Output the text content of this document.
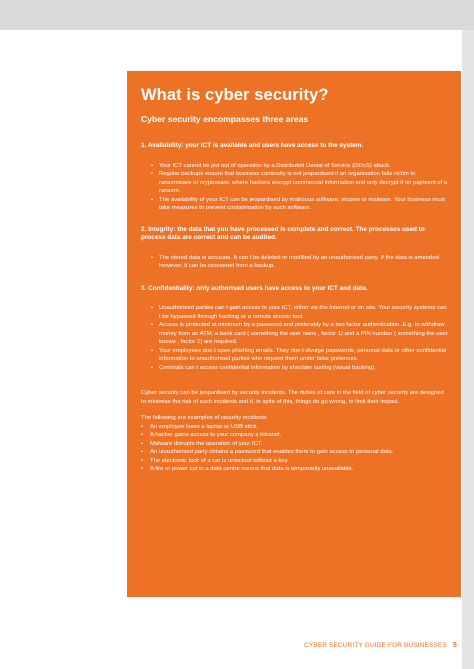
What is cyber security?
Cyber security encompasses three areas
1. Availability: your ICT is available and users have access to the system.
• Your ICT cannot be put out of operation by a Distributed Denial of Service (DDoS) attack.
• Regular backups ensure that business continuity is not jeopardised if an organisation falls victim to ransomware or cryptoware, where hackers encrypt commercial information and only decrypt it on payment of a ransom.
• The availability of your ICT can be jeopardised by malicious software, viruses or malware. Your business must take measures to prevent contamination by such software.
2. Integrity: the data that you have processed is complete and correct. The processes used to process data are correct and can be audited.
• The stored data is accurate. It can t be deleted or modified by an unauthorised party. If the data is amended however, it can be recovered from a backup.
3. Confidentiality: only authorised users have access to your ICT and data.
• Unauthorised parties can t gain access to your ICT, either via the Internet or on site. Your security systems can t be bypassed through hacking or a remote access tool.
• Access is protected at minimum by a password and preferably by a two factor authentication. E.g. to withdraw money from an ATM, a bank card ( something the user owns , factor 1) and a PIN number ( something the user knows , factor 2) are required.
• Your employees don t open phishing emails. They don t divulge passwords, personal data or other confidential information to unauthorised parties who request them under false pretences.
• Criminals can t access confidential information by shoulder surfing (visual hacking).
Cyber security can be jeopardised by security incidents. The duties of care in the field of cyber security are designed to minimise the risk of such incidents and if, in spite of this, things do go wrong, to limit their impact.
The following are examples of security incidents:
• An employee loses a laptop or USB stick.
• A hacker gains access to your company s intranet.
• Malware disrupts the operation of your ICT.
• An unauthorised party obtains a password that enables them to gain access to personal data.
• The electronic lock of a car is unlocked without a key.
• A fire or power cut in a data centre means that data is temporarily unavailable.
CYBER SECURITY GUIDE FOR BUSINESSES 5
